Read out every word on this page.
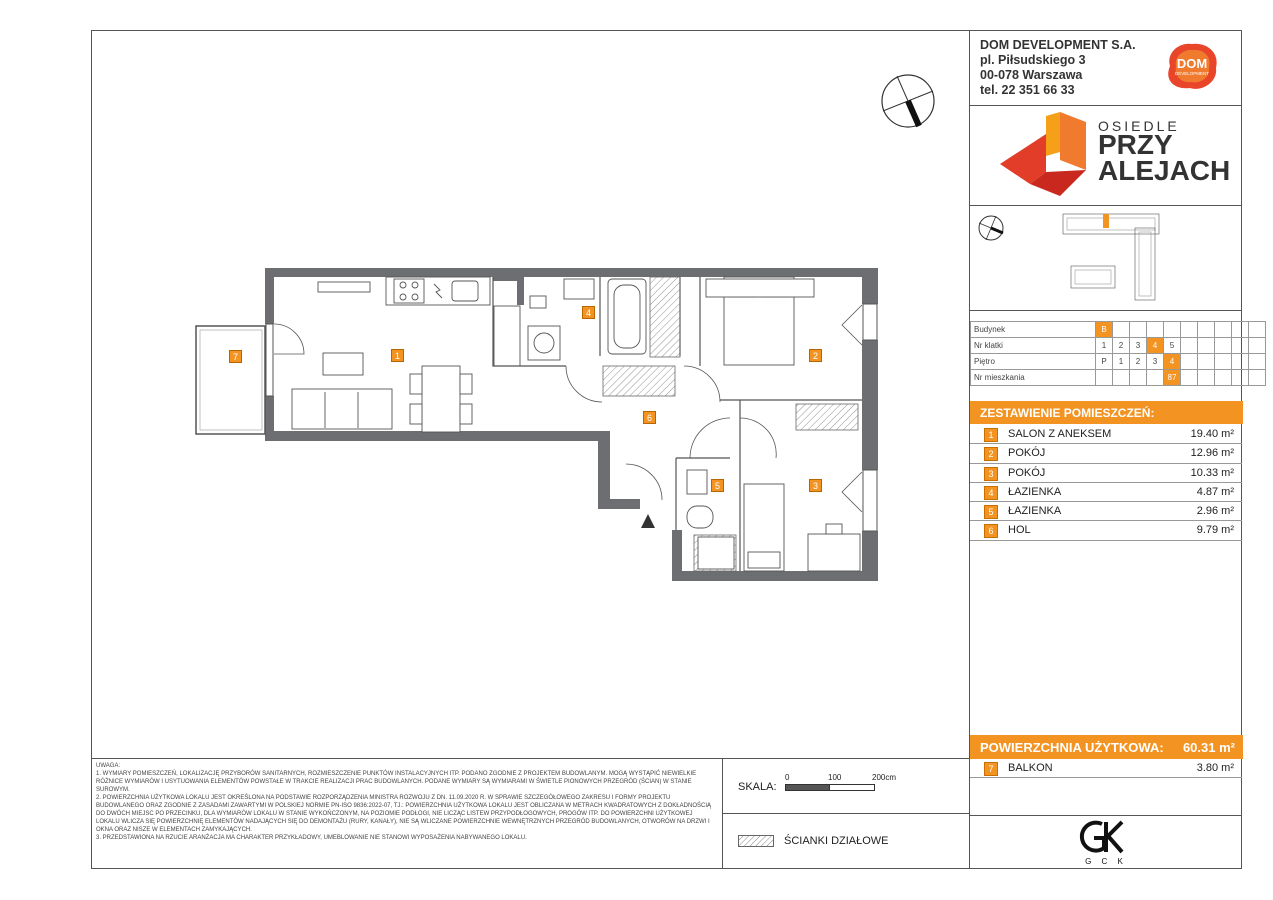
DOM DEVELOPMENT S.A.
pl. Piłsudskiego 3
00-078 Warszawa
tel. 22 351 66 33
DOM
DEVELOPMENT
OSIEDLE
PRZY
ALEJACH
Budynek	B									
Nr klatki	1	2	3	4	5					
Piętro	P	1	2	3	4					
Nr mieszkania					87					
ZESTAWIENIE POMIESZCZEŃ:
1	SALON Z ANEKSEM	19.40 m²
2	POKÓJ	12.96 m²
3	POKÓJ	10.33 m²
4	ŁAZIENKA	4.87 m²
5	ŁAZIENKA	2.96 m²
6	HOL	9.79 m²
POWIERZCHNIA UŻYTKOWA: 60.31 m²
7	BALKON	3.80 m²
G C K

UWAGA:

1. WYMIARY POMIESZCZEŃ, LOKALIZACJĘ PRZYBORÓW SANITARNYCH, ROZMIESZCZENIE PUNKTÓW INSTALACYJNYCH ITP. PODANO ZGODNIE Z PROJEKTEM BUDOWLANYM. MOGĄ WYSTĄPIĆ NIEWIELKIE RÓŻNICE WYMIARÓW I USYTUOWANIA ELEMENTÓW POWSTAŁE W TRAKCIE REALIZACJI PRAC BUDOWLANYCH. PODANE WYMIARY SĄ WYMIARAMI W ŚWIETLE PIONOWYCH PRZEGRÓD (ŚCIAN) W STANIE SUROWYM.

2. POWIERZCHNIA UŻYTKOWA LOKALU JEST OKREŚLONA NA PODSTAWIE ROZPORZĄDZENIA MINISTRA ROZWOJU Z DN. 11.09.2020 R. W SPRAWIE SZCZEGÓŁOWEGO ZAKRESU I FORMY PROJEKTU BUDOWLANEGO ORAZ ZGODNIE Z ZASADAMI ZAWARTYMI W POLSKIEJ NORMIE PN-ISO 9836:2022-07, TJ.: POWIERZCHNIA UŻYTKOWA LOKALU JEST OBLICZANA W METRACH KWADRATOWYCH Z DOKŁADNOŚCIĄ DO DWÓCH MIEJSC PO PRZECINKU, DLA WYMIARÓW LOKALU W STANIE WYKOŃCZONYM, NA POZIOMIE PODŁOGI, NIE LICZĄC LISTEW PRZYPODŁOGOWYCH, PROGÓW ITP. DO POWIERZCHNI UŻYTKOWEJ LOKALU WLICZA SIĘ POWIERZCHNIĘ ELEMENTÓW NADAJĄCYCH SIĘ DO DEMONTAŻU (RURY, KANAŁY), NIE SĄ WLICZANE POWIERZCHNIE WEWNĘTRZNYCH PRZEGRÓD BUDOWLANYCH, OTWORÓW NA DRZWI I OKNA ORAZ NISZE W ELEMENTACH ZAMYKAJĄCYCH.

3. PRZEDSTAWIONA NA RZUCIE ARANŻACJA MA CHARAKTER PRZYKŁADOWY, UMEBLOWANIE NIE STANOWI WYPOSAŻENIA NABYWANEGO LOKALU.

SKALA:
0	100	200cm
ŚCIANKI DZIAŁOWE
7	1	2
4
6
5	3
